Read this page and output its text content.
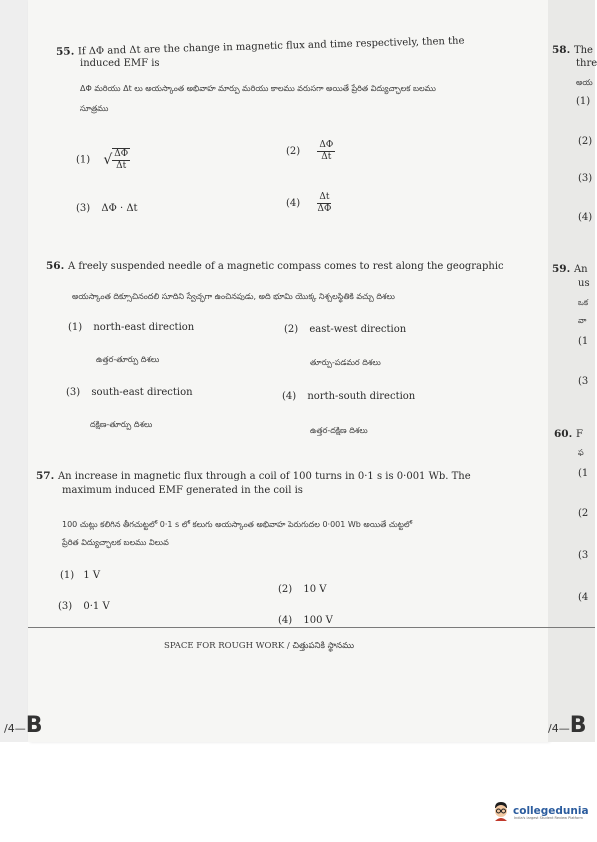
55. If ΔΦ and Δt are the change in magnetic flux and time respectively, then the
induced EMF is
ΔΦ మరియు Δt లు అయస్కాంత అభివాహ మార్పు మరియు కాలము వరుసగా అయితే ప్రేరిత విద్యుచ్ఛాలక బలము
సూత్రము
(1) √ $\frac{\Delta\Phi}{\Delta t}$	$(2) \frac{\Delta\Phi}{\Delta t}$
(3) ΔΦ · Δt	$(4) \frac{\Delta t}{\Delta\Phi}$
56. A freely suspended needle of a magnetic compass comes to rest along the geographic
అయస్కాంత దిక్సూచినందలి సూదిని స్వేచ్ఛగా ఉంచినపుడు, అది భూమి యొక్క నిశ్చలస్థితికి వచ్చు దిశలు
(1) north-east direction
ఉత్తర-తూర్పు దిశలు
(2) east-west direction
తూర్పు-పడమర దిశలు
(3) south-east direction
దక్షిణ-తూర్పు దిశలు
(4) north-south direction
ఉత్తర-దక్షిణ దిశలు
57. An increase in magnetic flux through a coil of 100 turns in 0·1 s is 0·001 Wb. The
maximum induced EMF generated in the coil is
100 చుట్లు కలిగిన తీగచుట్టలో 0·1 s లో కలుగు అయస్కాంత అభివాహ పెరుగుదల 0·001 Wb అయితే చుట్టలో
ప్రేరిత విద్యుచ్ఛాలక బలము విలువ
(1) 1 V
(2) 10 V
(3) 0·1 V
(4) 100 V
SPACE FOR ROUGH WORK / చిత్తుపనికి స్థానము
/4—B
58. The
thre
అయ
(1)
(2)
(3)
(4)
59. An
us
ఒక
వా
(1
(3
60. F
ఫ
(1
(2
(3
(4
/4—B
collegedunia
India's largest Student Review Platform
